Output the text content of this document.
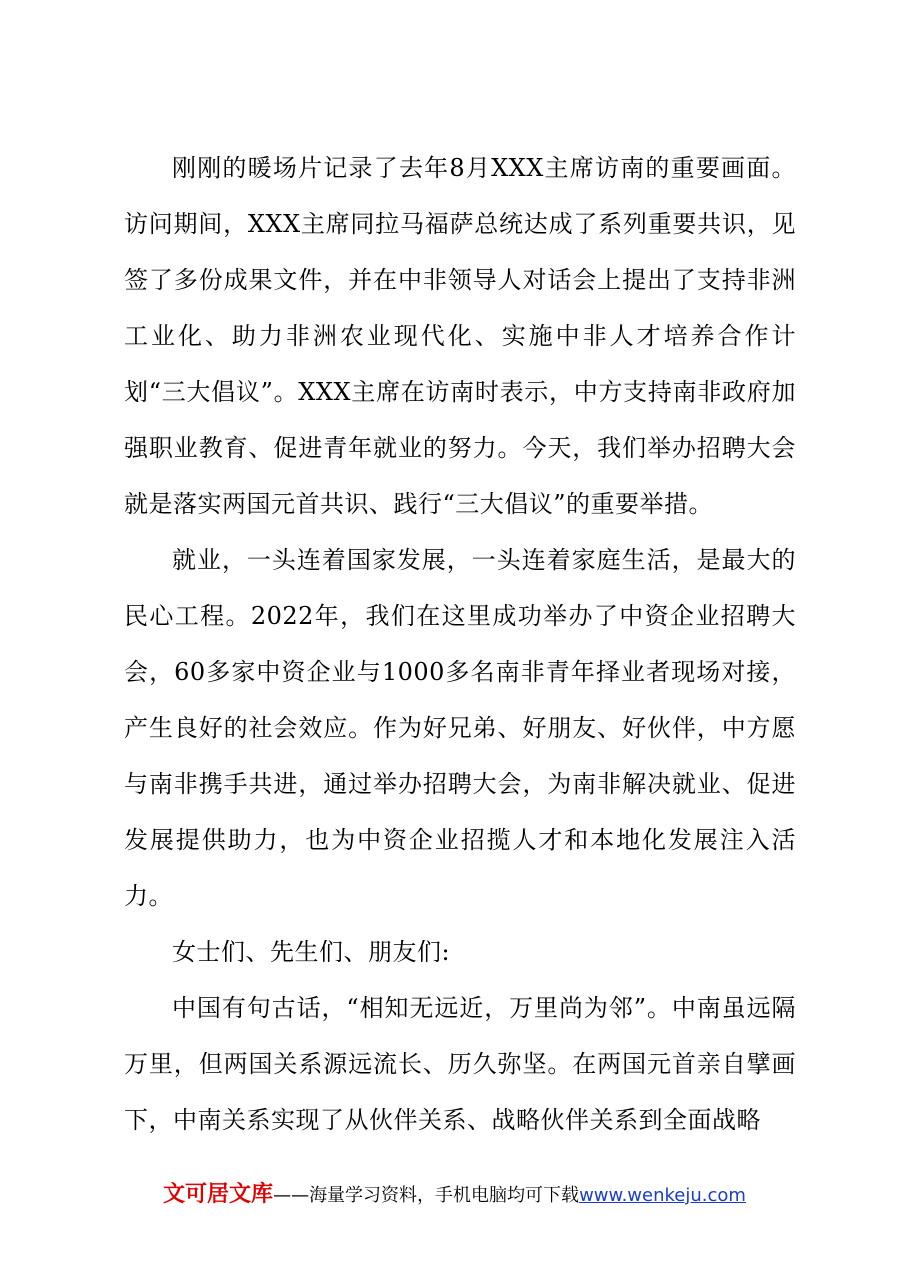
刚刚的暖场片记录了去年8月XXX主席访南的重要画面。访问期间，XXX主席同拉马福萨总统达成了系列重要共识，见签了多份成果文件，并在中非领导人对话会上提出了支持非洲工业化、助力非洲农业现代化、实施中非人才培养合作计划“三大倡议”。XXX主席在访南时表示，中方支持南非政府加强职业教育、促进青年就业的努力。今天，我们举办招聘大会就是落实两国元首共识、践行“三大倡议”的重要举措。

就业，一头连着国家发展，一头连着家庭生活，是最大的民心工程。2022年，我们在这里成功举办了中资企业招聘大会，60多家中资企业与1000多名南非青年择业者现场对接，产生良好的社会效应。作为好兄弟、好朋友、好伙伴，中方愿与南非携手共进，通过举办招聘大会，为南非解决就业、促进发展提供助力，也为中资企业招揽人才和本地化发展注入活力。

女士们、先生们、朋友们:

中国有句古话，“相知无远近，万里尚为邻”。中南虽远隔万里，但两国关系源远流长、历久弥坚。在两国元首亲自擘画下，中南关系实现了从伙伴关系、战略伙伴关系到全面战略

文可居文库——海量学习资料，手机电脑均可下载www.wenkeju.com
